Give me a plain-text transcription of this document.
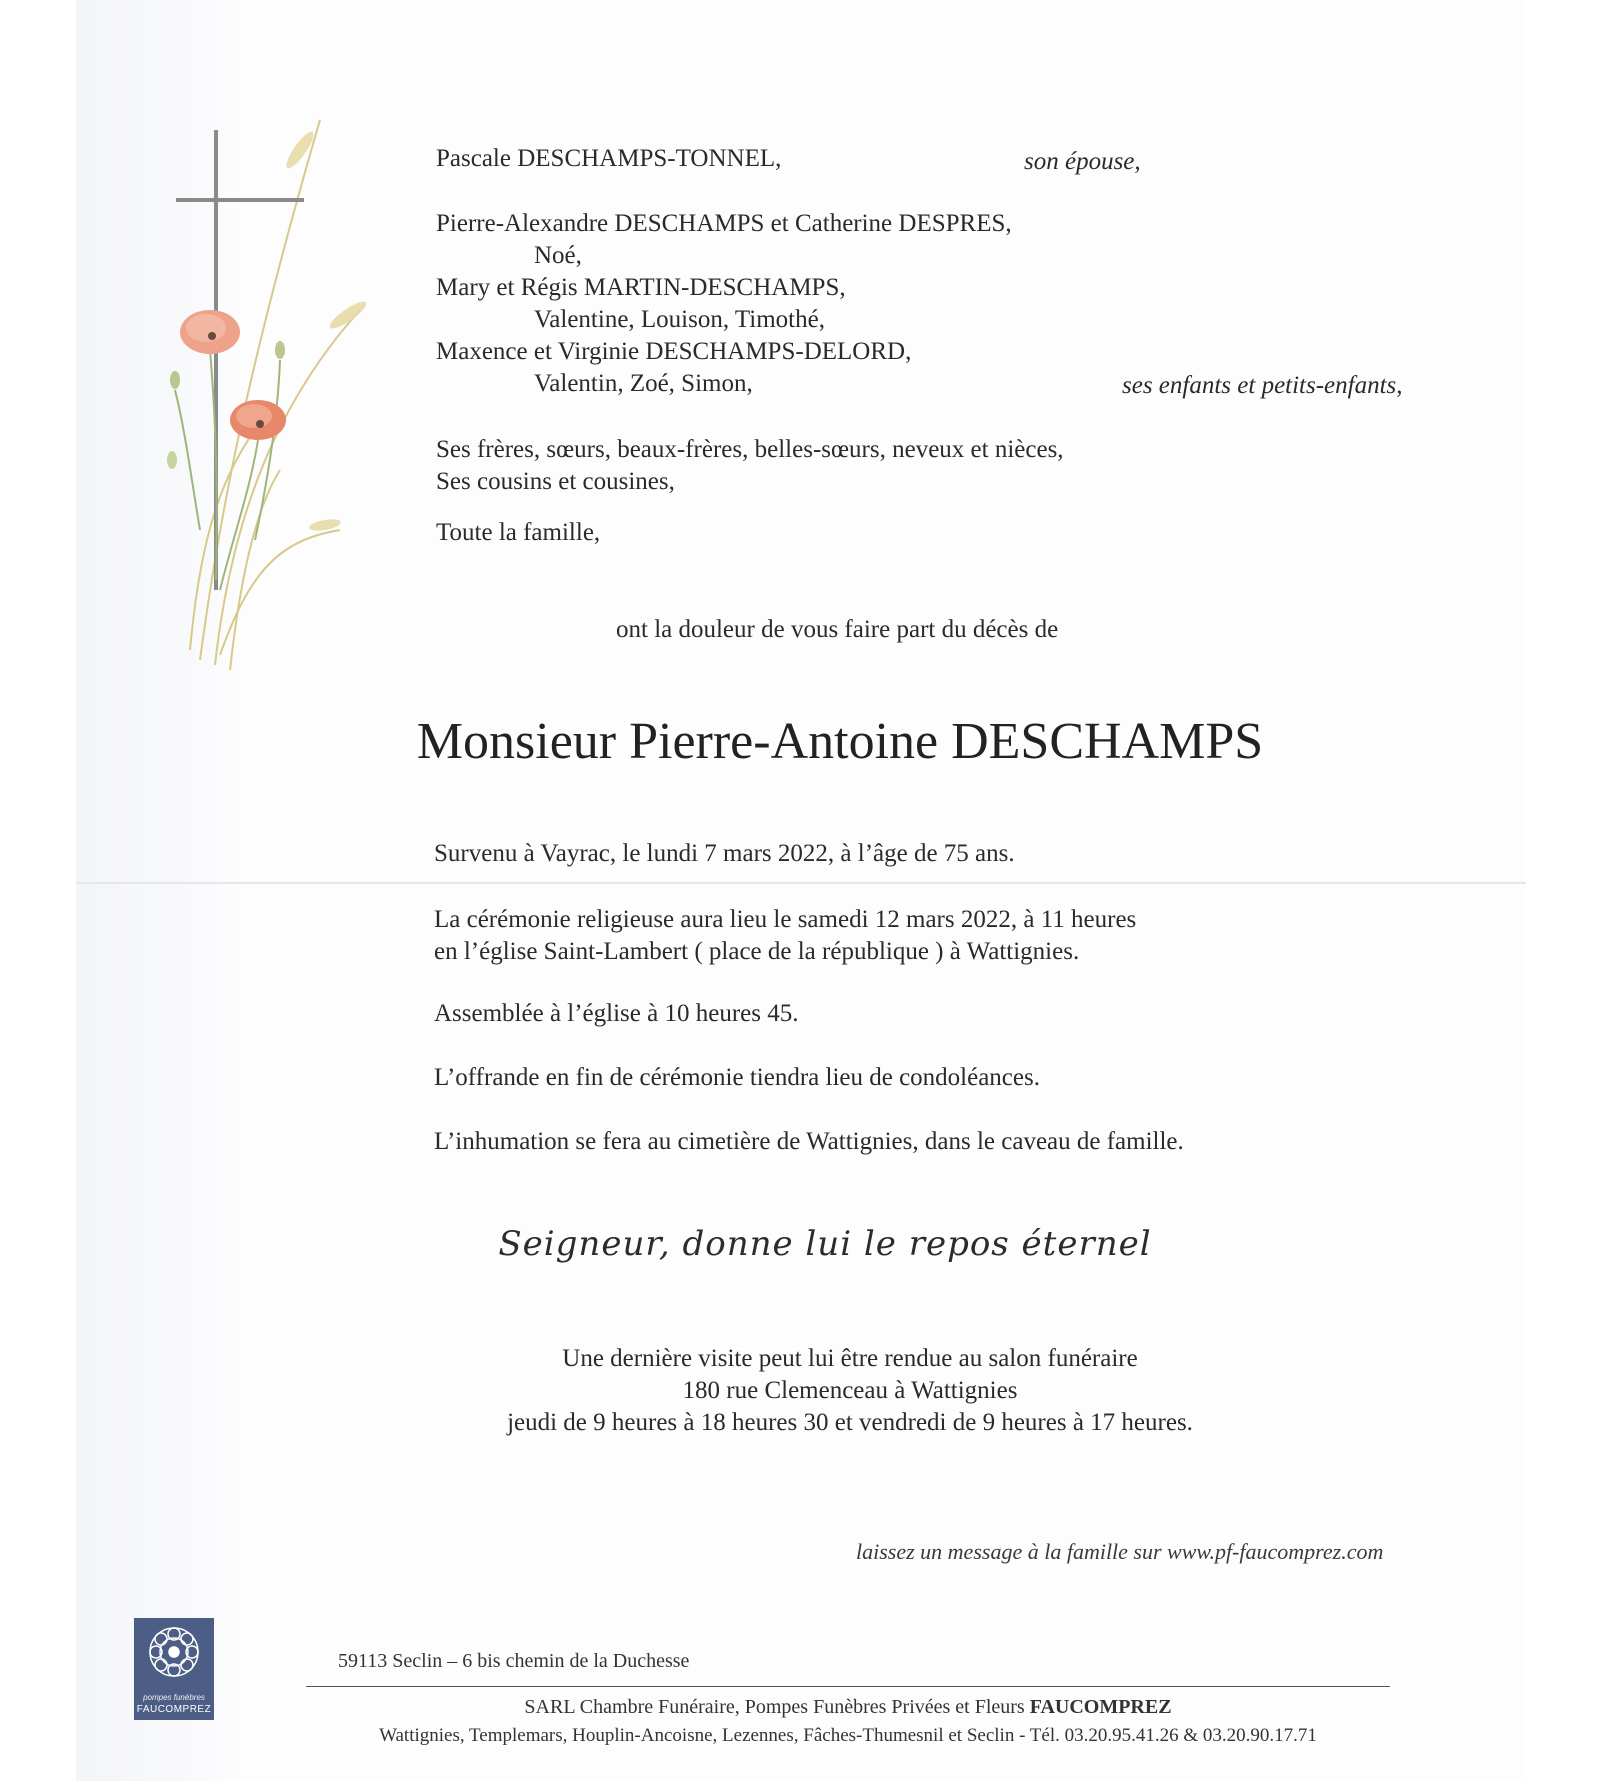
Pascale DESCHAMPS-TONNEL,	son épouse,
Pierre-Alexandre DESCHAMPS et Catherine DESPRES,
Noé,
Mary et Régis MARTIN-DESCHAMPS,
Valentine, Louison, Timothé,
Maxence et Virginie DESCHAMPS-DELORD,
Valentin, Zoé, Simon,	ses enfants et petits-enfants,
Ses frères, sœurs, beaux-frères, belles-sœurs, neveux et nièces,
Ses cousins et cousines,
Toute la famille,
ont la douleur de vous faire part du décès de
Monsieur Pierre-Antoine DESCHAMPS
Survenu à Vayrac, le lundi 7 mars 2022, à l’âge de 75 ans.
La cérémonie religieuse aura lieu le samedi 12 mars 2022, à 11 heures
en l’église Saint-Lambert ( place de la république ) à Wattignies.
Assemblée à l’église à 10 heures 45.
L’offrande en fin de cérémonie tiendra lieu de condoléances.
L’inhumation se fera au cimetière de Wattignies, dans le caveau de famille.
Seigneur, donne lui le repos éternel
Une dernière visite peut lui être rendue au salon funéraire
180 rue Clemenceau à Wattignies
jeudi de 9 heures à 18 heures 30 et vendredi de 9 heures à 17 heures.
laissez un message à la famille sur www.pf-faucomprez.com
pompes funèbres
FAUCOMPREZ
59113 Seclin – 6 bis chemin de la Duchesse
SARL Chambre Funéraire, Pompes Funèbres Privées et Fleurs FAUCOMPREZ
Wattignies, Templemars, Houplin-Ancoisne, Lezennes, Fâches-Thumesnil et Seclin - Tél. 03.20.95.41.26 & 03.20.90.17.71
